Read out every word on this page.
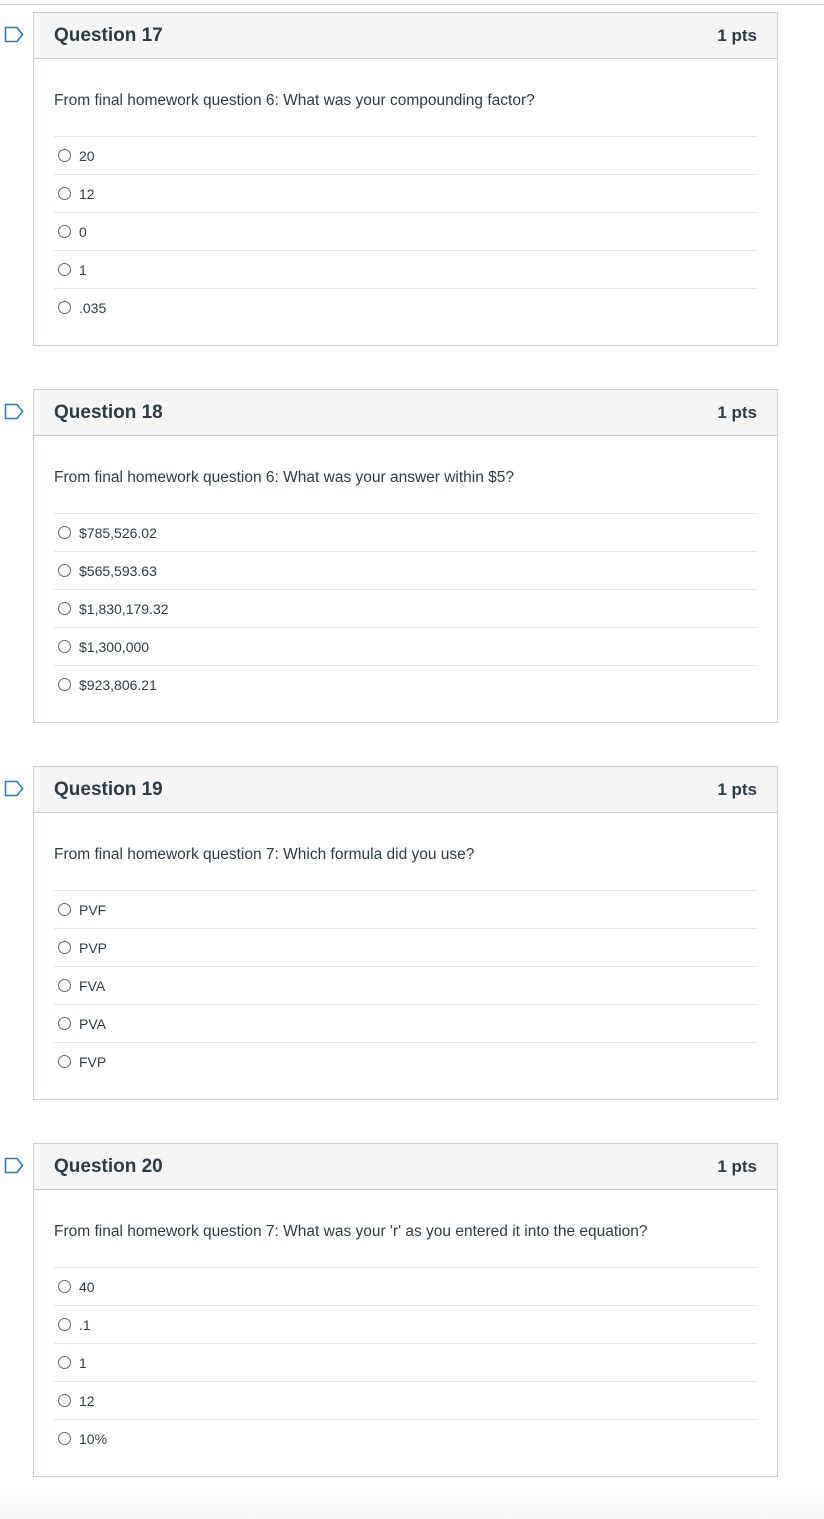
Question 17	1 pts
From final homework question 6: What was your compounding factor?
20
12
0
1
.035
Question 18	1 pts
From final homework question 6: What was your answer within $5?
$785,526.02
$565,593.63
$1,830,179.32
$1,300,000
$923,806.21
Question 19	1 pts
From final homework question 7: Which formula did you use?
PVF
PVP
FVA
PVA
FVP
Question 20	1 pts
From final homework question 7: What was your 'r' as you entered it into the equation?
40
.1
1
12
10%
